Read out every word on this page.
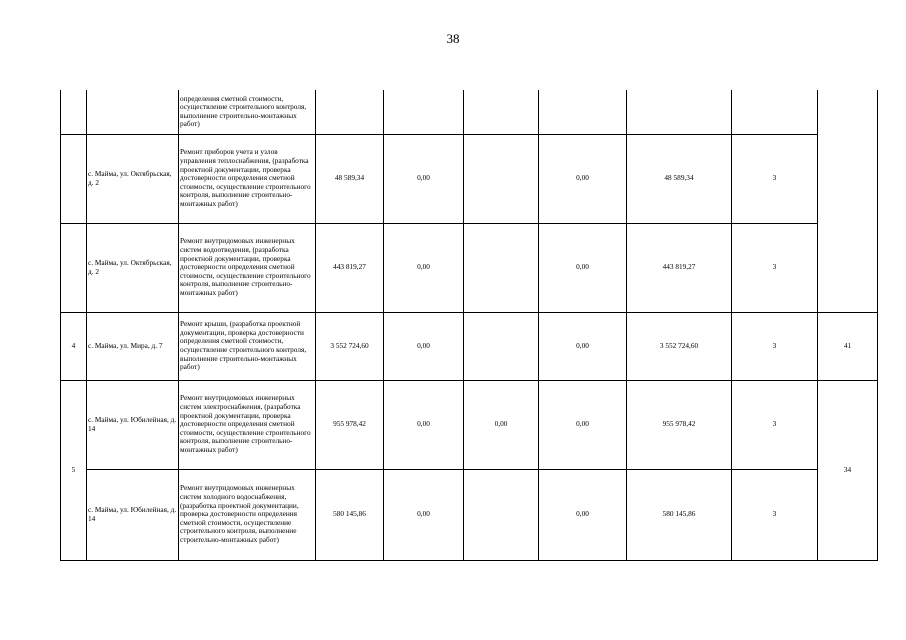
38
		определения сметной стоимости, осуществление строительного контроля, выполнение строительно-монтажных работ)							
	с. Майма, ул. Октябрьская, д. 2	Ремонт приборов учета и узлов управления теплоснабжения, (разработка проектной документации, проверка достоверности определения сметной стоимости, осуществление строительного контроля, выполнение строительно-монтажных работ)	48 589,34	0,00		0,00	48 589,34	3	
	с. Майма, ул. Октябрьская, д. 2	Ремонт внутридомовых инженерных систем водоотведения, (разработка проектной документации, проверка достоверности определения сметной стоимости, осуществление строительного контроля, выполнение строительно-монтажных работ)	443 819,27	0,00		0,00	443 819,27	3	
4	с. Майма, ул. Мира, д. 7	Ремонт крыши, (разработка проектной документации, проверка достоверности определения сметной стоимости, осуществление строительного контроля, выполнение строительно-монтажных работ)	3 552 724,60	0,00		0,00	3 552 724,60	3	41
5	с. Майма, ул. Юбилейная, д. 14	Ремонт внутридомовых инженерных систем электроснабжения, (разработка проектной документации, проверка достоверности определения сметной стоимости, осуществление строительного контроля, выполнение строительно-монтажных работ)	955 978,42	0,00	0,00	0,00	955 978,42	3	34
	с. Майма, ул. Юбилейная, д. 14	Ремонт внутридомовых инженерных систем холодного водоснабжения, (разработка проектной документации, проверка достоверности определения сметной стоимости, осуществление строительного контроля, выполнение строительно-монтажных работ)	580 145,86	0,00		0,00	580 145,86	3	
